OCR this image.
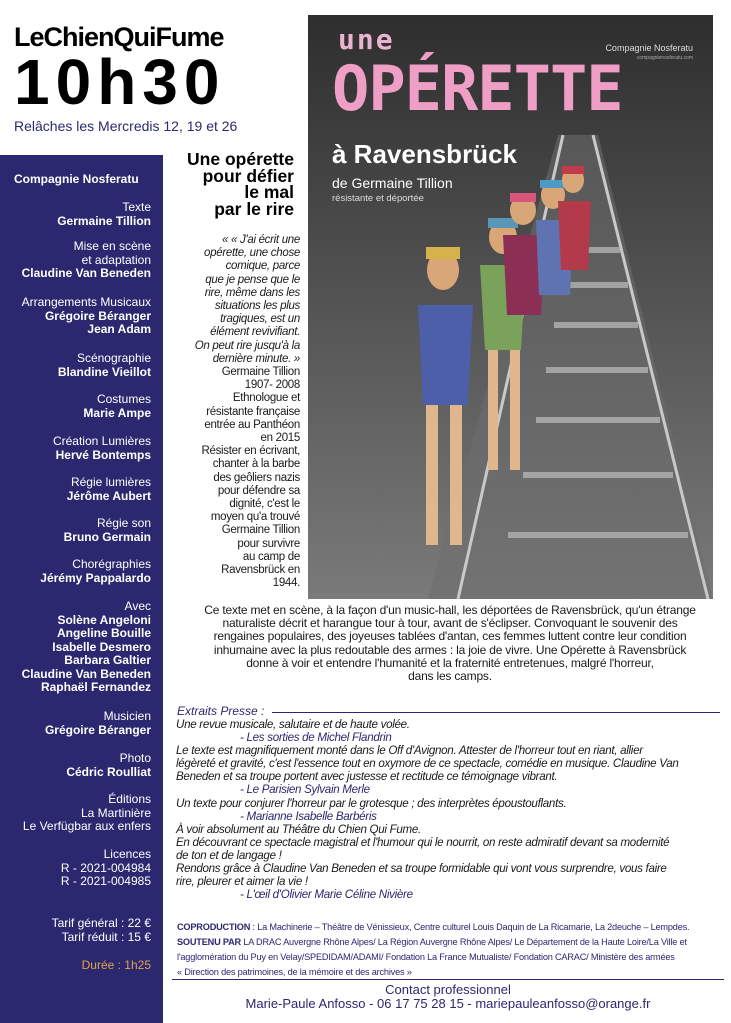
LeChienQuiFume
10h30
Relâches les Mercredis 12, 19 et 26
Compagnie Nosferatu
Texte
Germaine Tillion
Mise en scène
et adaptation
Claudine Van Beneden
Arrangements Musicaux
Grégoire Béranger
Jean Adam
Scénographie
Blandine Vieillot
Costumes
Marie Ampe
Création Lumières
Hervé Bontemps
Régie lumières
Jérôme Aubert
Régie son
Bruno Germain
Chorégraphies
Jérémy Pappalardo
Avec
Solène Angeloni
Angeline Bouille
Isabelle Desmero
Barbara Galtier
Claudine Van Beneden
Raphaël Fernandez
Musicien
Grégoire Béranger
Photo
Cédric Roulliat
Éditions
La Martinière
Le Verfügbar aux enfers
Licences
R - 2021-004984
R - 2021-004985
Tarif général : 22 €
Tarif réduit : 15 €
Durée : 1h25
Une opérette
pour défier
le mal
par le rire
une	Compagnie Nosferatu
compagnienosferatu.com
OPÉRETTE
à Ravensbrück
de Germaine Tillion
résistante et déportée
« « J'ai écrit une
opérette, une chose
comique, parce
que je pense que le
rire, même dans les
situations les plus
tragiques, est un
élément revivifiant.
On peut rire jusqu'à la
dernière minute. »
Germaine Tillion
1907- 2008
Ethnologue et
résistante française
entrée au Panthéon
en 2015
Résister en écrivant,
chanter à la barbe
des geôliers nazis
pour défendre sa
dignité, c'est le
moyen qu'a trouvé
Germaine Tillion
pour survivre
au camp de
Ravensbrück en
1944.
Ce texte met en scène, à la façon d'un music-hall, les déportées de Ravensbrück, qu'un étrange
naturaliste décrit et harangue tour à tour, avant de s'éclipser. Convoquant le souvenir des
rengaines populaires, des joyeuses tablées d'antan, ces femmes luttent contre leur condition
inhumaine avec la plus redoutable des armes : la joie de vivre. Une Opérette à Ravensbrück
donne à voir et entendre l'humanité et la fraternité entretenues, malgré l'horreur,
dans les camps.
Extraits Presse :
Une revue musicale, salutaire et de haute volée.
- Les sorties de Michel Flandrin
Le texte est magnifiquement monté dans le Off d'Avignon. Attester de l'horreur tout en riant, allier
légèreté et gravité, c'est l'essence tout en oxymore de ce spectacle, comédie en musique. Claudine Van
Beneden et sa troupe portent avec justesse et rectitude ce témoignage vibrant.
- Le Parisien Sylvain Merle
Un texte pour conjurer l'horreur par le grotesque ; des interprètes époustouflants.
- Marianne Isabelle Barbéris
À voir absolument au Théâtre du Chien Qui Fume.
En découvrant ce spectacle magistral et l'humour qui le nourrit, on reste admiratif devant sa modernité
de ton et de langage !
Rendons grâce à Claudine Van Beneden et sa troupe formidable qui vont vous surprendre, vous faire
rire, pleurer et aimer la vie !
- L'œil d'Olivier Marie Céline Nivière
COPRODUCTION : La Machinerie – Théâtre de Vénissieux, Centre culturel Louis Daquin de La Ricamarie, La 2deuche – Lempdes.
SOUTENU PAR LA DRAC Auvergne Rhône Alpes/ La Région Auvergne Rhône Alpes/ Le Département de la Haute Loire/La Ville et
l'agglomération du Puy en Velay/SPEDIDAM/ADAMI/ Fondation La France Mutualiste/ Fondation CARAC/ Ministère des armées
« Direction des patrimoines, de la mémoire et des archives »
Contact professionnel
Marie-Paule Anfosso - 06 17 75 28 15 - mariepauleanfosso@orange.fr
